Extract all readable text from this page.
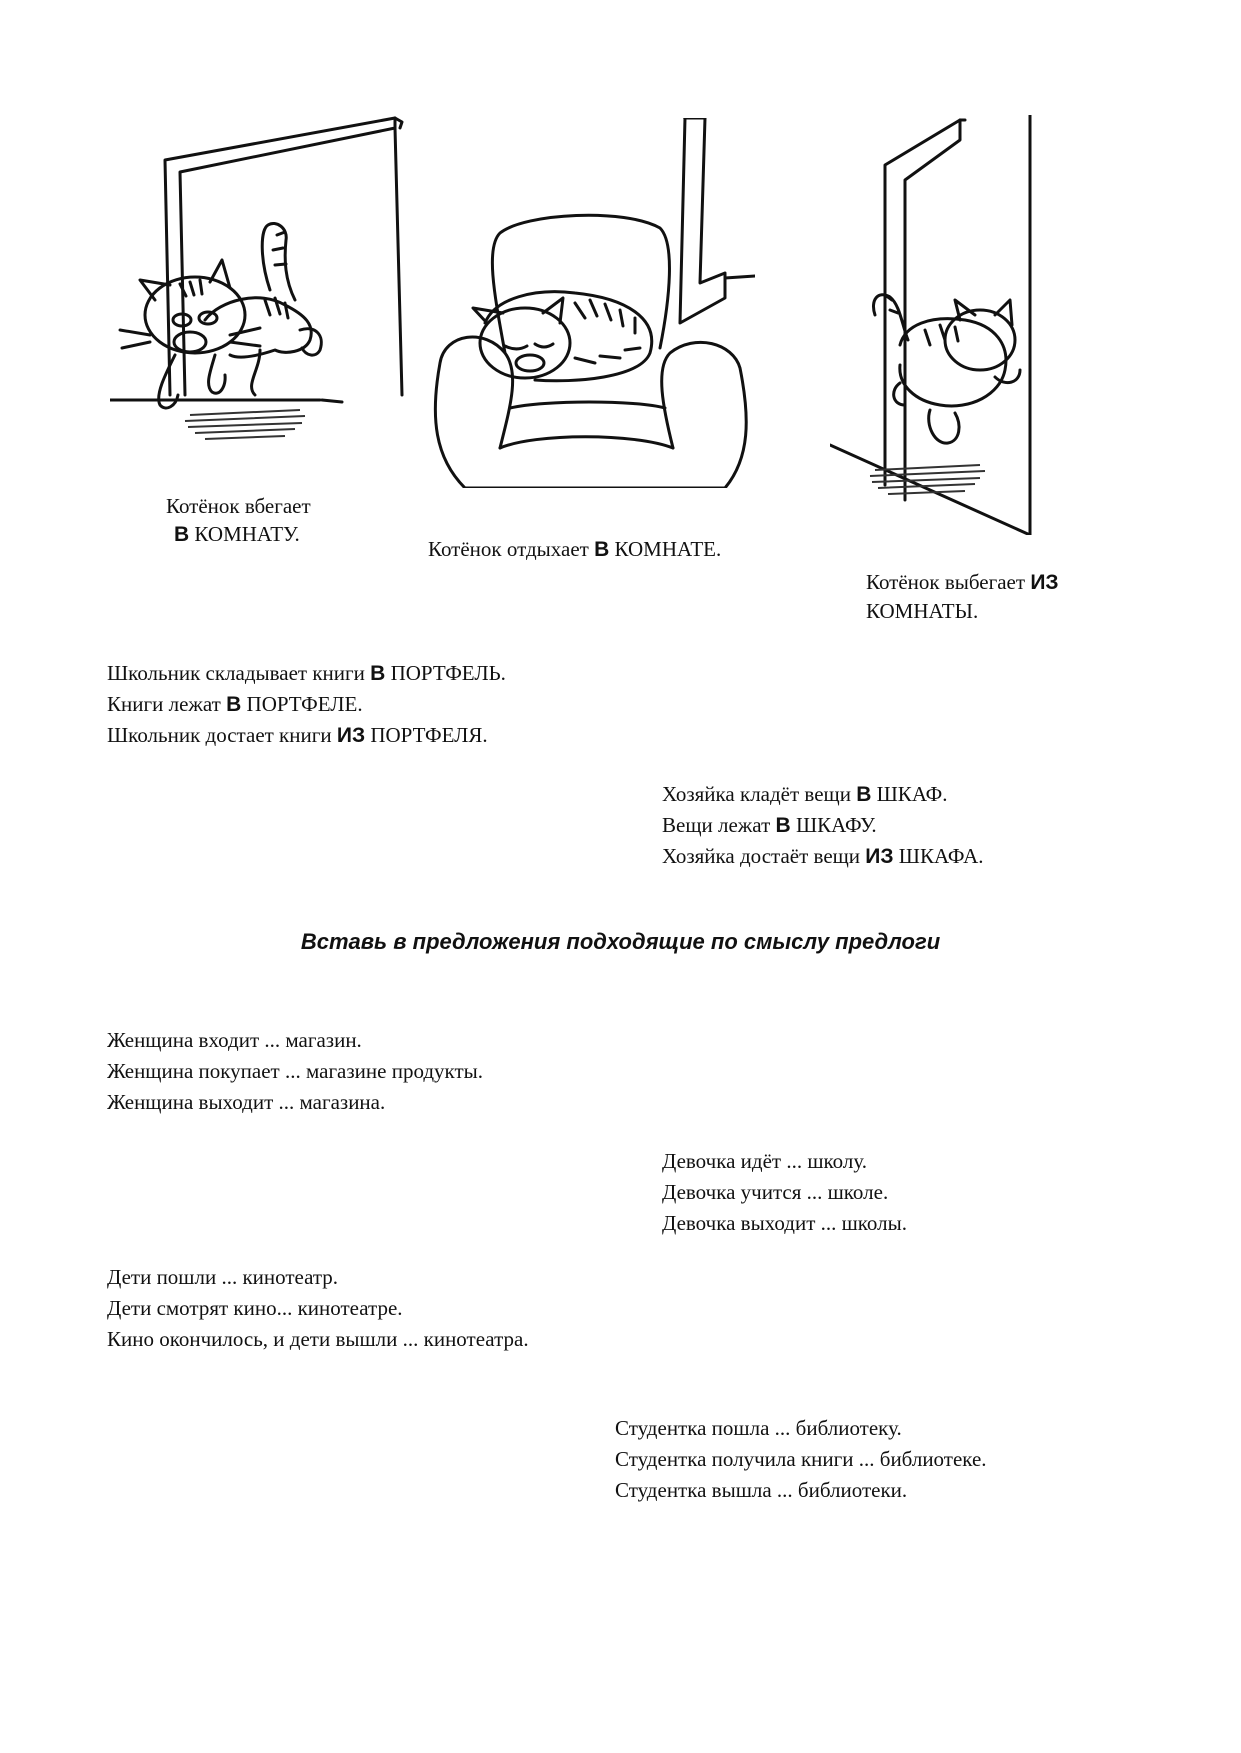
Котёнок вбегает
В КОМНАТУ.
Котёнок отдыхает В КОМНАТЕ.
Котёнок выбегает ИЗ
КОМНАТЫ.
Школьник складывает книги В ПОРТФЕЛЬ.
Книги лежат В ПОРТФЕЛЕ.
Школьник достает книги ИЗ ПОРТФЕЛЯ.
Хозяйка кладёт вещи В ШКАФ.
Вещи лежат В ШКАФУ.
Хозяйка достаёт вещи ИЗ ШКАФА.
Вставь в предложения подходящие по смыслу предлоги
Женщина входит ... магазин.
Женщина покупает ... магазине продукты.
Женщина выходит ... магазина.
Девочка идёт ... школу.
Девочка учится ... школе.
Девочка выходит ... школы.
Дети пошли ... кинотеатр.
Дети смотрят кино... кинотеатре.
Кино окончилось, и дети вышли ... кинотеатра.
Студентка пошла ... библиотеку.
Студентка получила книги ... библиотеке.
Студентка вышла ... библиотеки.
